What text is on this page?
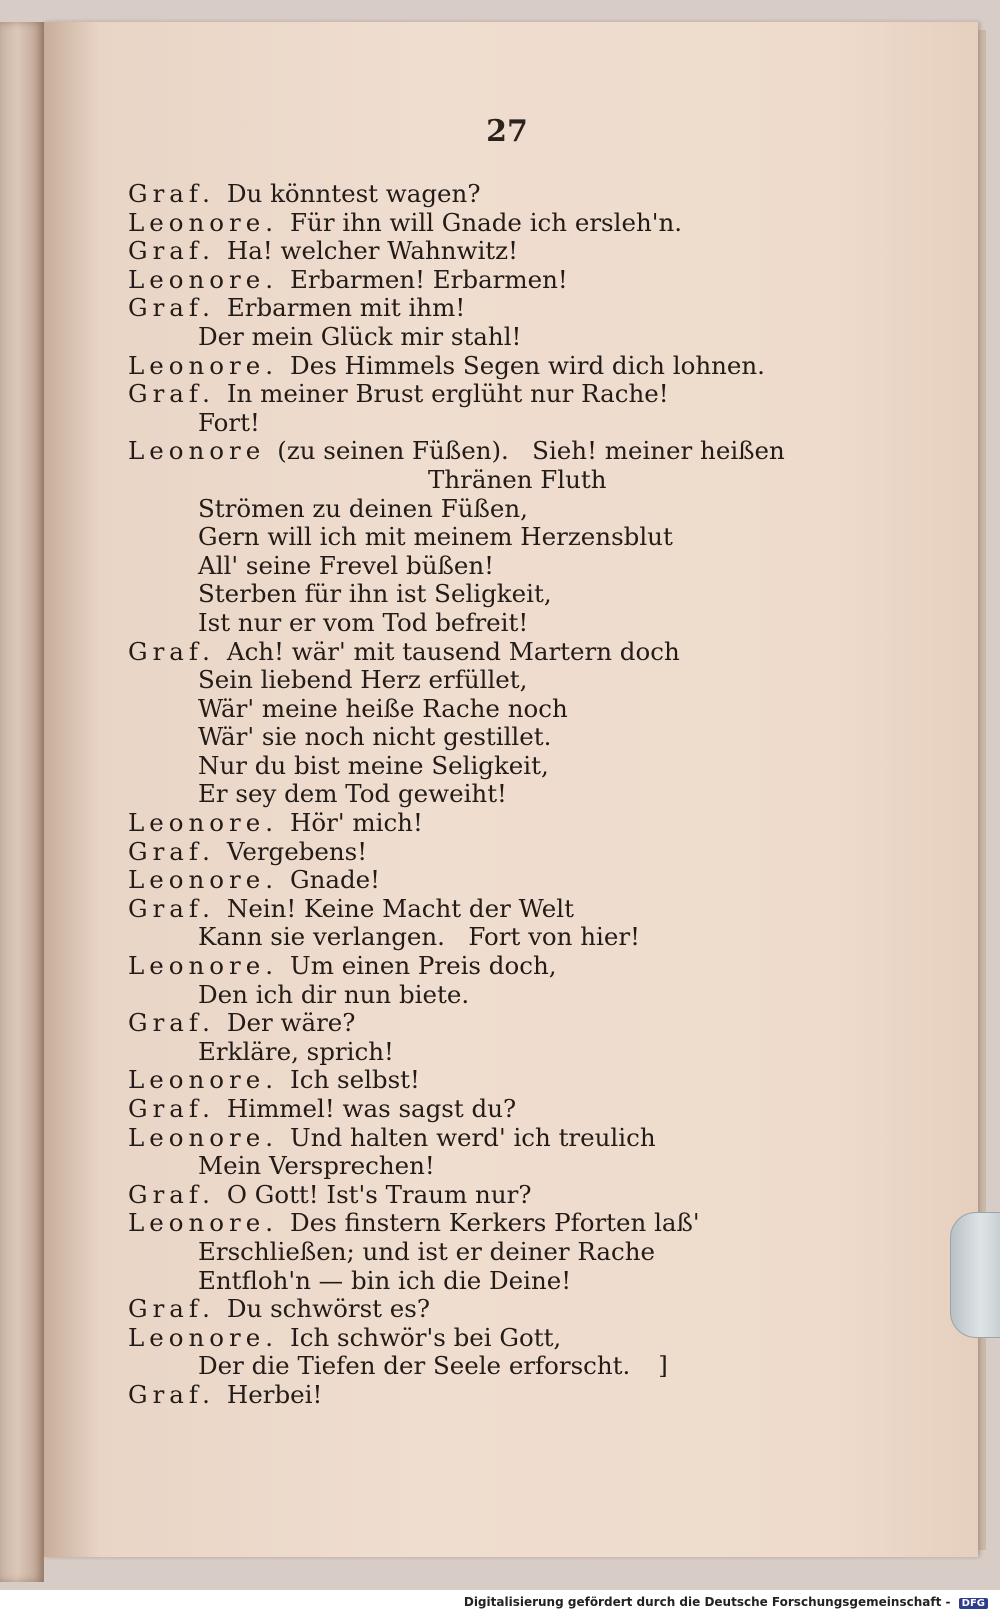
27
Graf. Du könntest wagen?
Leonore. Für ihn will Gnade ich ersleh'n.
Graf. Ha! welcher Wahnwitz!
Leonore. Erbarmen! Erbarmen!
Graf. Erbarmen mit ihm!
Der mein Glück mir stahl!
Leonore. Des Himmels Segen wird dich lohnen.
Graf. In meiner Brust erglüht nur Rache!
Fort!
Leonore (zu seinen Füßen).   Sieh! meiner heißen
Thränen Fluth
Strömen zu deinen Füßen,
Gern will ich mit meinem Herzensblut
All' seine Frevel büßen!
Sterben für ihn ist Seligkeit,
Ist nur er vom Tod befreit!
Graf. Ach! wär' mit tausend Martern doch
Sein liebend Herz erfüllet,
Wär' meine heiße Rache noch
Wär' sie noch nicht gestillet.
Nur du bist meine Seligkeit,
Er sey dem Tod geweiht!
Leonore. Hör' mich!
Graf. Vergebens!
Leonore. Gnade!
Graf. Nein! Keine Macht der Welt
Kann sie verlangen.   Fort von hier!
Leonore. Um einen Preis doch,
Den ich dir nun biete.
Graf. Der wäre?
Erkläre, sprich!
Leonore. Ich selbst!
Graf. Himmel! was sagst du?
Leonore. Und halten werd' ich treulich
Mein Versprechen!
Graf. O Gott! Ist's Traum nur?
Leonore. Des finstern Kerkers Pforten laß'
Erschließen; und ist er deiner Rache
Entfloh'n — bin ich die Deine!
Graf. Du schwörst es?
Leonore. Ich schwör's bei Gott,
Der die Tiefen der Seele erforscht. ]
Graf. Herbei!
Digitalisierung gefördert durch die Deutsche Forschungsgemeinschaft - DFG
